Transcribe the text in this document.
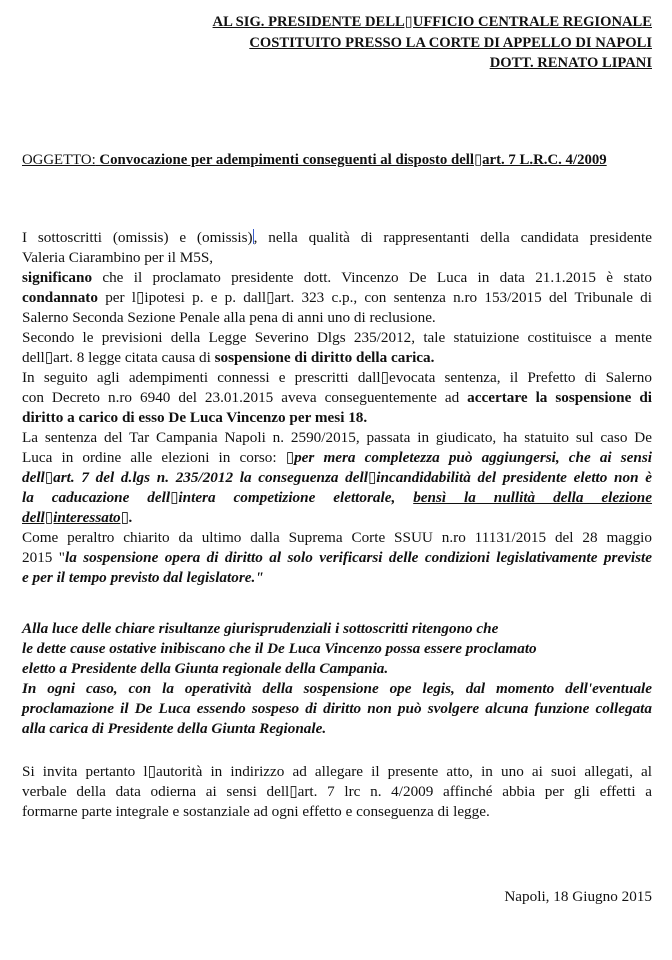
AL SIG. PRESIDENTE DELL▯UFFICIO CENTRALE REGIONALE
COSTITUITO PRESSO LA CORTE DI APPELLO DI NAPOLI
DOTT. RENATO LIPANI
OGGETTO: Convocazione per adempimenti conseguenti al disposto dell▯art. 7 L.R.C. 4/2009
I sottoscritti (omissis) e (omissis), nella qualità di rappresentanti della candidata presidente
Valeria Ciarambino per il M5S,
significano che il proclamato presidente dott. Vincenzo De Luca in data 21.1.2015 è stato
condannato per l▯ipotesi p. e p. dall▯art. 323 c.p., con sentenza n.ro 153/2015 del Tribunale di
Salerno Seconda Sezione Penale alla pena di anni uno di reclusione.
Secondo le previsioni della Legge Severino Dlgs 235/2012, tale statuizione costituisce a mente
dell▯art. 8 legge citata causa di sospensione di diritto della carica.
In seguito agli adempimenti connessi e prescritti dall▯evocata sentenza, il Prefetto di Salerno
con Decreto n.ro 6940 del 23.01.2015 aveva conseguentemente ad accertare la sospensione di
diritto a carico di esso De Luca Vincenzo per mesi 18.
La sentenza del Tar Campania Napoli n. 2590/2015, passata in giudicato, ha statuito sul caso De
Luca in ordine alle elezioni in corso: ▯per mera completezza può aggiungersi, che ai sensi
dell▯art. 7 del d.lgs n. 235/2012 la conseguenza dell▯incandidabilità del presidente eletto non è
la caducazione dell▯intera competizione elettorale, bensì la nullità della elezione
dell▯interessato▯.
Come peraltro chiarito da ultimo dalla Suprema Corte SSUU n.ro 11131/2015 del 28 maggio
2015 "la sospensione opera di diritto al solo verificarsi delle condizioni legislativamente previste
e per il tempo previsto dal legislatore."
Alla luce delle chiare risultanze giurisprudenziali i sottoscritti ritengono che
le dette cause ostative inibiscano che il De Luca Vincenzo possa essere proclamato
eletto a Presidente della Giunta regionale della Campania.
In ogni caso, con la operatività della sospensione ope legis, dal momento dell'eventuale
proclamazione il De Luca essendo sospeso di diritto non può svolgere alcuna funzione collegata
alla carica di Presidente della Giunta Regionale.
Si invita pertanto l▯autorità in indirizzo ad allegare il presente atto, in uno ai suoi allegati, al
verbale della data odierna ai sensi dell▯art. 7 lrc n. 4/2009 affinché abbia per gli effetti a
formarne parte integrale e sostanziale ad ogni effetto e conseguenza di legge.
Napoli, 18 Giugno 2015
